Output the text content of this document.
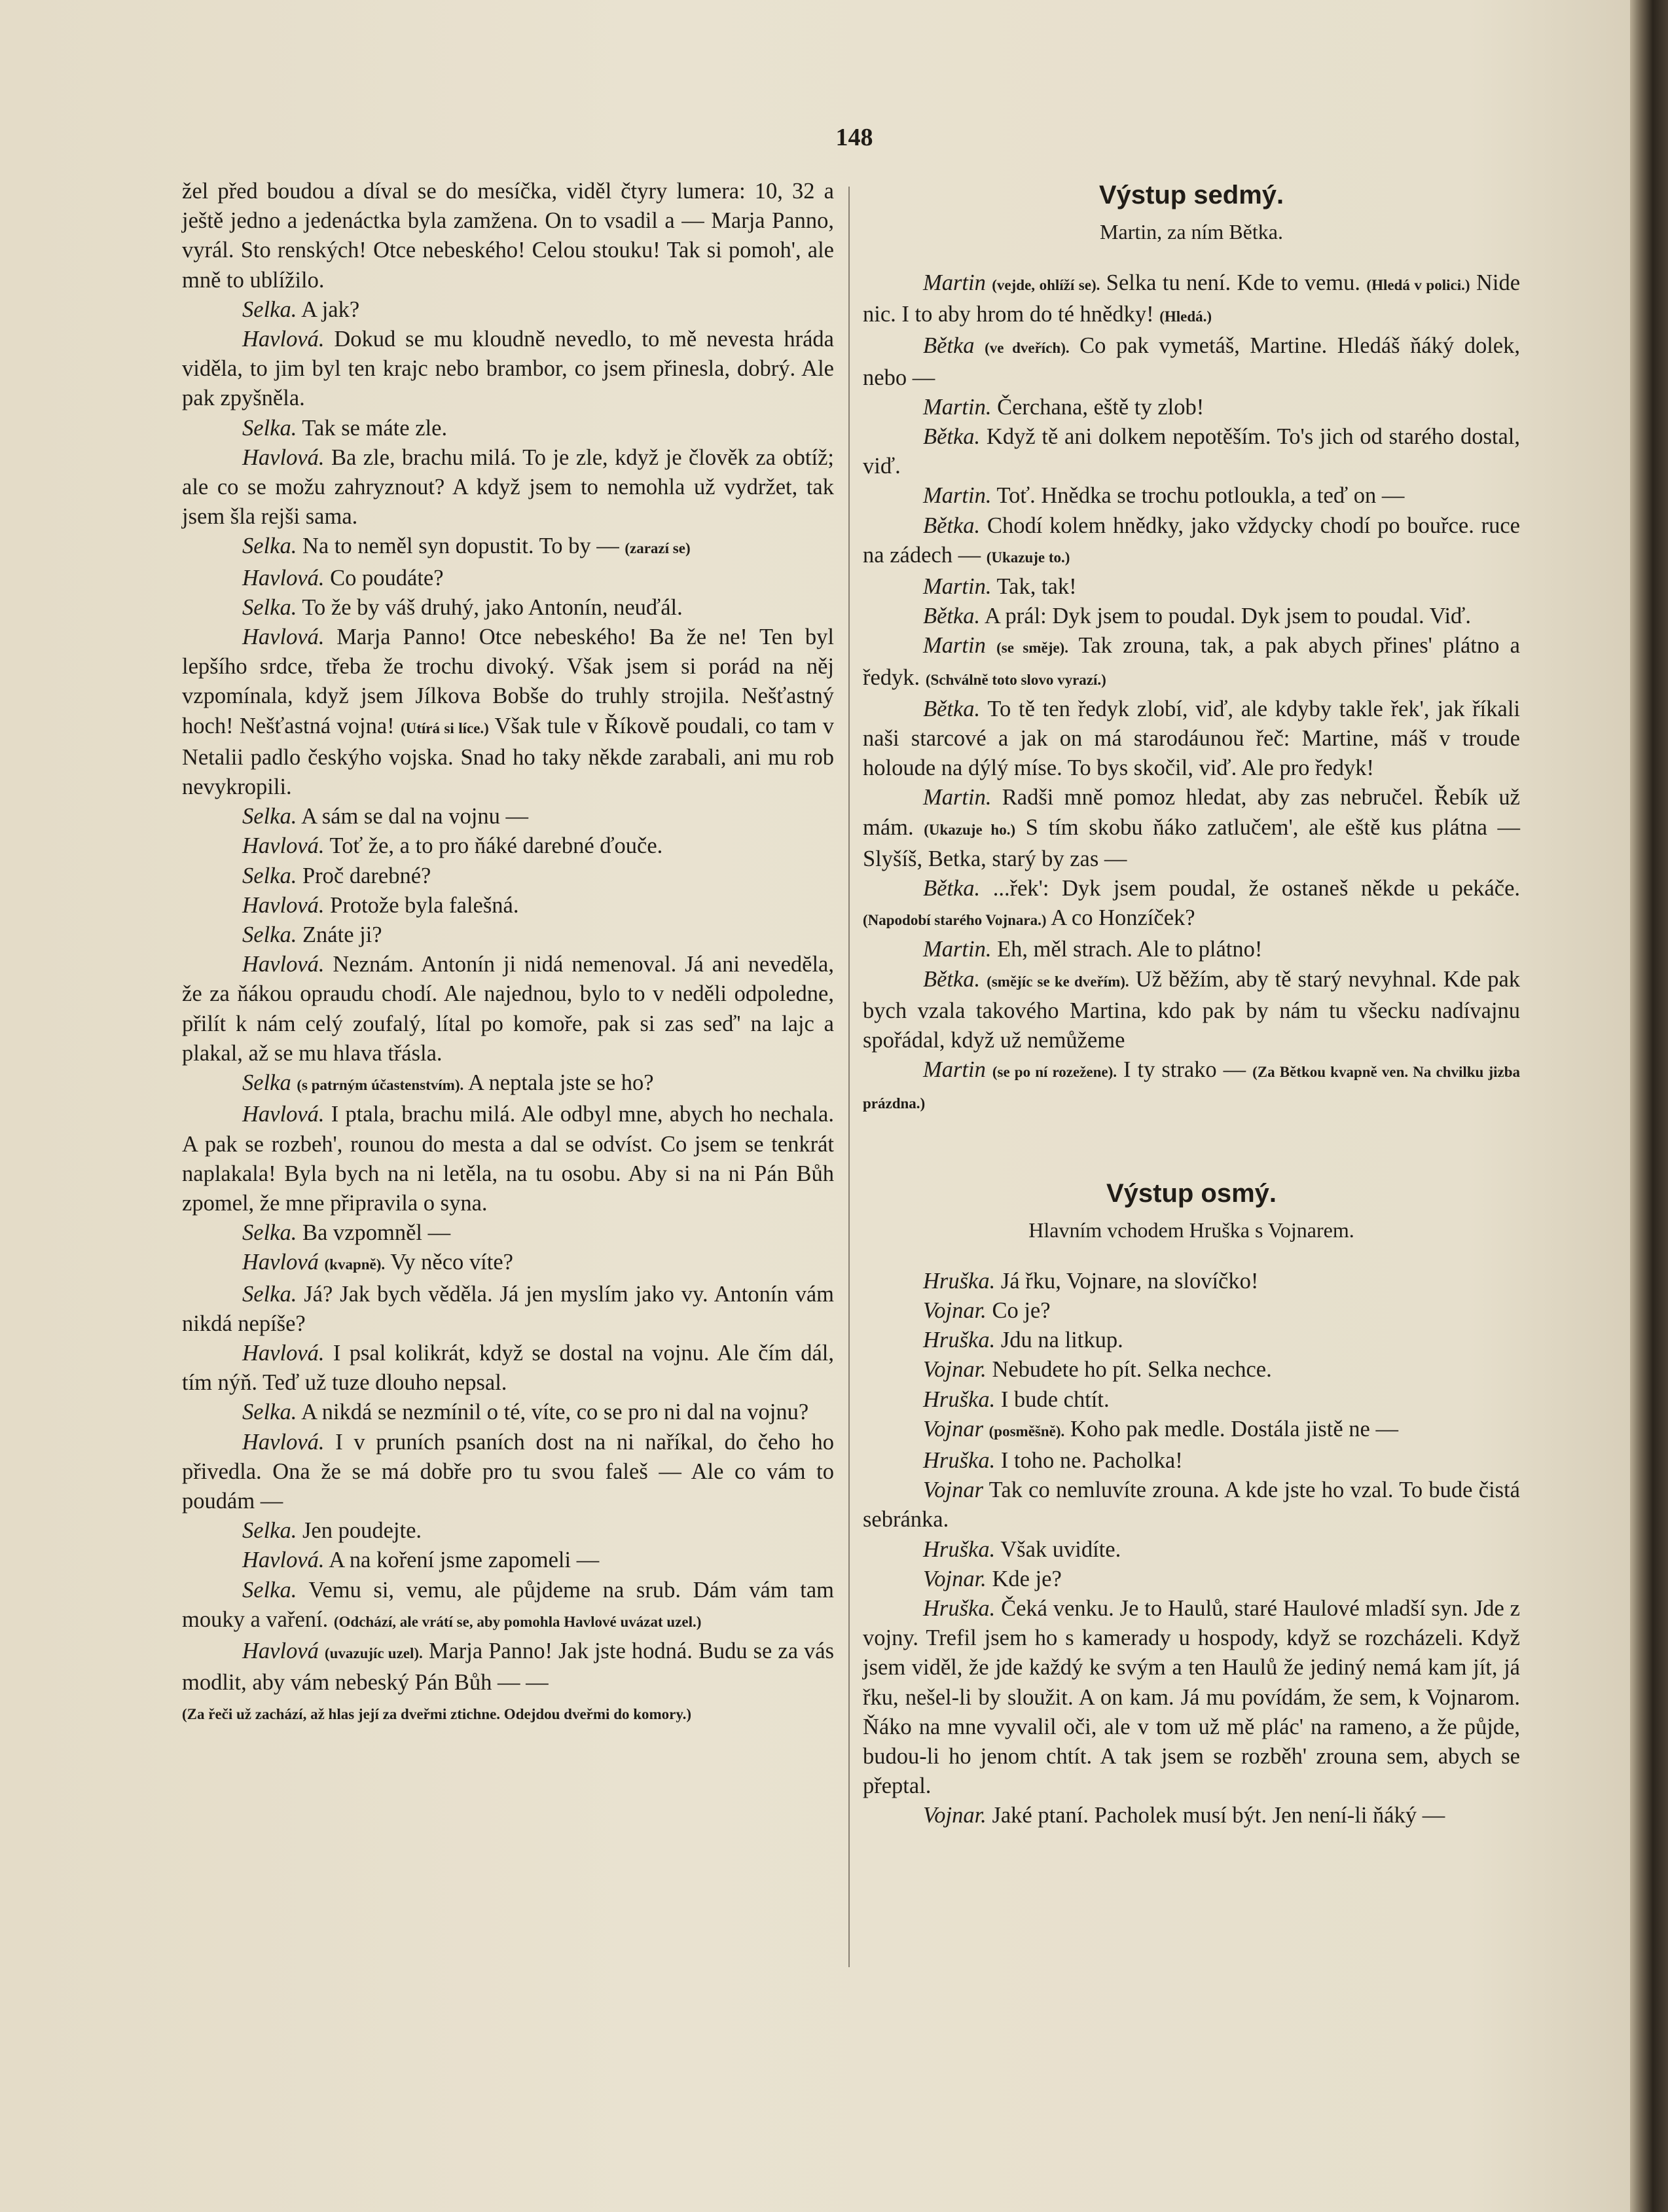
148

žel před boudou a díval se do mesíčka, viděl čtyry lumera: 10, 32 a ještě jedno a jedenáctka byla zamžena. On to vsadil a — Marja Panno, vyrál. Sto renských! Otce nebeského! Celou stouku! Tak si pomoh', ale mně to ublížilo.

Selka. A jak?

Havlová. Dokud se mu kloudně nevedlo, to mě nevesta hráda viděla, to jim byl ten krajc nebo brambor, co jsem přinesla, dobrý. Ale pak zpyšněla.

Selka. Tak se máte zle.

Havlová. Ba zle, brachu milá. To je zle, když je člověk za obtíž; ale co se možu zahryznout? A když jsem to nemohla už vydržet, tak jsem šla rejši sama.

Selka. Na to neměl syn dopustit. To by — (zarazí se)

Havlová. Co poudáte?

Selka. To že by váš druhý, jako Antonín, neuďál.

Havlová. Marja Panno! Otce nebeského! Ba že ne! Ten byl lepšího srdce, třeba že trochu divoký. Však jsem si porád na něj vzpomínala, když jsem Jílkova Bobše do truhly strojila. Nešťastný hoch! Nešťastná vojna! (Utírá si líce.) Však tule v Říkově poudali, co tam v Netalii padlo českýho vojska. Snad ho taky někde zarabali, ani mu rob nevykropili.

Selka. A sám se dal na vojnu —

Havlová. Toť že, a to pro ňáké darebné ďouče.

Selka. Proč darebné?

Havlová. Protože byla falešná.

Selka. Znáte ji?

Havlová. Neznám. Antonín ji nidá nemenoval. Já ani nevedĕla, že za ňákou opraudu chodí. Ale najednou, bylo to v neděli odpoledne, přilít k nám celý zoufalý, lítal po komoře, pak si zas seď' na lajc a plakal, až se mu hlava třásla.

Selka (s patrným účastenstvím). A neptala jste se ho?

Havlová. I ptala, brachu milá. Ale odbyl mne, abych ho nechala. A pak se rozbeh', rounou do mesta a dal se odvíst. Co jsem se tenkrát naplakala! Byla bych na ni letěla, na tu osobu. Aby si na ni Pán Bůh zpomel, že mne připravila o syna.

Selka. Ba vzpomněl —

Havlová (kvapně). Vy něco víte?

Selka. Já? Jak bych věděla. Já jen myslím jako vy. Antonín vám nikdá nepíše?

Havlová. I psal kolikrát, když se dostal na vojnu. Ale čím dál, tím nýň. Teď už tuze dlouho nepsal.

Selka. A nikdá se nezmínil o té, víte, co se pro ni dal na vojnu?

Havlová. I v pruních psaních dost na ni naříkal, do čeho ho přivedla. Ona že se má dobře pro tu svou faleš — Ale co vám to poudám —

Selka. Jen poudejte.

Havlová. A na koření jsme zapomeli —

Selka. Vemu si, vemu, ale půjdeme na srub. Dám vám tam mouky a vaření. (Odchází, ale vrátí se, aby pomohla Havlové uvázat uzel.)

Havlová (uvazujíc uzel). Marja Panno! Jak jste hodná. Budu se za vás modlit, aby vám nebeský Pán Bůh — —

(Za řeči už zachází, až hlas její za dveřmi ztichne. Odejdou dveřmi do komory.)

Výstup sedmý.
Martin, za ním Bětka.

Martin (vejde, ohlíží se). Selka tu není. Kde to vemu. (Hledá v polici.) Nide nic. I to aby hrom do té hnědky! (Hledá.)

Bětka (ve dveřích). Co pak vymetáš, Martine. Hledáš ňáký dolek, nebo —

Martin. Čerchana, eště ty zlob!

Bětka. Když tě ani dolkem nepotěším. To's jich od starého dostal, viď.

Martin. Toť. Hnědka se trochu potloukla, a teď on —

Bětka. Chodí kolem hnědky, jako vždycky chodí po bouřce. ruce na zádech — (Ukazuje to.)

Martin. Tak, tak!

Bětka. A prál: Dyk jsem to poudal. Dyk jsem to poudal. Viď.

Martin (se směje). Tak zrouna, tak, a pak abych přines' plátno a ředyk. (Schválně toto slovo vyrazí.)

Bětka. To tě ten ředyk zlobí, viď, ale kdyby takle řek', jak říkali naši starcové a jak on má starodáunou řeč: Martine, máš v troude holoude na dýlý míse. To bys skočil, viď. Ale pro ředyk!

Martin. Radši mně pomoz hledat, aby zas nebručel. Řebík už mám. (Ukazuje ho.) S tím skobu ňáko zatlučem', ale eště kus plátna — Slyšíš, Betka, starý by zas —

Bětka. ...řek': Dyk jsem poudal, že ostaneš někde u pekáče. (Napodobí starého Vojnara.) A co Honzíček?

Martin. Eh, měl strach. Ale to plátno!

Bětka. (smějíc se ke dveřím). Už běžím, aby tě starý nevyhnal. Kde pak bych vzala takového Martina, kdo pak by nám tu všecku nadívajnu spořádal, když už nemůžeme

Martin (se po ní rozežene). I ty strako — (Za Bětkou kvapně ven. Na chvilku jizba prázdna.)

Výstup osmý.
Hlavním vchodem Hruška s Vojnarem.

Hruška. Já řku, Vojnare, na slovíčko!

Vojnar. Co je?

Hruška. Jdu na litkup.

Vojnar. Nebudete ho pít. Selka nechce.

Hruška. I bude chtít.

Vojnar (posměšně). Koho pak medle. Dostála jistě ne —

Hruška. I toho ne. Pacholka!

Vojnar Tak co nemluvíte zrouna. A kde jste ho vzal. To bude čistá sebránka.

Hruška. Však uvidíte.

Vojnar. Kde je?

Hruška. Čeká venku. Je to Haulů, staré Haulové mladší syn. Jde z vojny. Trefil jsem ho s kamerady u hospody, když se rozcházeli. Když jsem viděl, že jde každý ke svým a ten Haulů že jediný nemá kam jít, já řku, nešel-li by sloužit. A on kam. Já mu povídám, že sem, k Vojnarom. Ňáko na mne vyvalil oči, ale v tom už mě plác' na rameno, a že půjde, budou-li ho jenom chtít. A tak jsem se rozběh' zrouna sem, abych se přeptal.

Vojnar. Jaké ptaní. Pacholek musí být. Jen není-li ňáký —
